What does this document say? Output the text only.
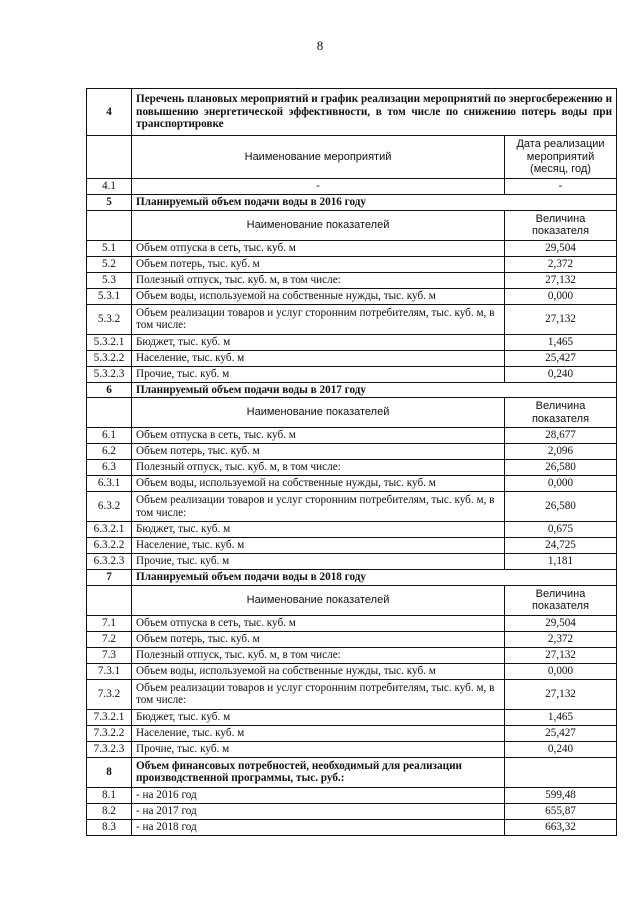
8
4	Перечень плановых мероприятий и график реализации мероприятий по энергосбережению и повышению энергетической эффективности, в том числе по снижению потерь воды при транспортировке	
	Наименование мероприятий	Дата реализации мероприятий (месяц, год)
4.1	-	-
5	Планируемый объем подачи воды в 2016 году	
	Наименование показателей	Величина показателя
5.1	Объем отпуска в сеть, тыс. куб. м	29,504
5.2	Объем потерь, тыс. куб. м	2,372
5.3	Полезный отпуск, тыс. куб. м, в том числе:	27,132
5.3.1	Объем воды, используемой на собственные нужды, тыс. куб. м	0,000
5.3.2	Объем реализации товаров и услуг сторонним потребителям, тыс. куб. м, в том числе:	27,132
5.3.2.1	Бюджет, тыс. куб. м	1,465
5.3.2.2	Население, тыс. куб. м	25,427
5.3.2.3	Прочие, тыс. куб. м	0,240
6	Планируемый объем подачи воды в 2017 году	
	Наименование показателей	Величина показателя
6.1	Объем отпуска в сеть, тыс. куб. м	28,677
6.2	Объем потерь, тыс. куб. м	2,096
6.3	Полезный отпуск, тыс. куб. м, в том числе:	26,580
6.3.1	Объем воды, используемой на собственные нужды, тыс. куб. м	0,000
6.3.2	Объем реализации товаров и услуг сторонним потребителям, тыс. куб. м, в том числе:	26,580
6.3.2.1	Бюджет, тыс. куб. м	0,675
6.3.2.2	Население, тыс. куб. м	24,725
6.3.2.3	Прочие, тыс. куб. м	1,181
7	Планируемый объем подачи воды в 2018 году	
	Наименование показателей	Величина показателя
7.1	Объем отпуска в сеть, тыс. куб. м	29,504
7.2	Объем потерь, тыс. куб. м	2,372
7.3	Полезный отпуск, тыс. куб. м, в том числе:	27,132
7.3.1	Объем воды, используемой на собственные нужды, тыс. куб. м	0,000
7.3.2	Объем реализации товаров и услуг сторонним потребителям, тыс. куб. м, в том числе:	27,132
7.3.2.1	Бюджет, тыс. куб. м	1,465
7.3.2.2	Население, тыс. куб. м	25,427
7.3.2.3	Прочие, тыс. куб. м	0,240
8	Объем финансовых потребностей, необходимый для реализации производственной программы, тыс. руб.:	
8.1	- на 2016 год	599,48
8.2	- на 2017 год	655,87
8.3	- на 2018 год	663,32
